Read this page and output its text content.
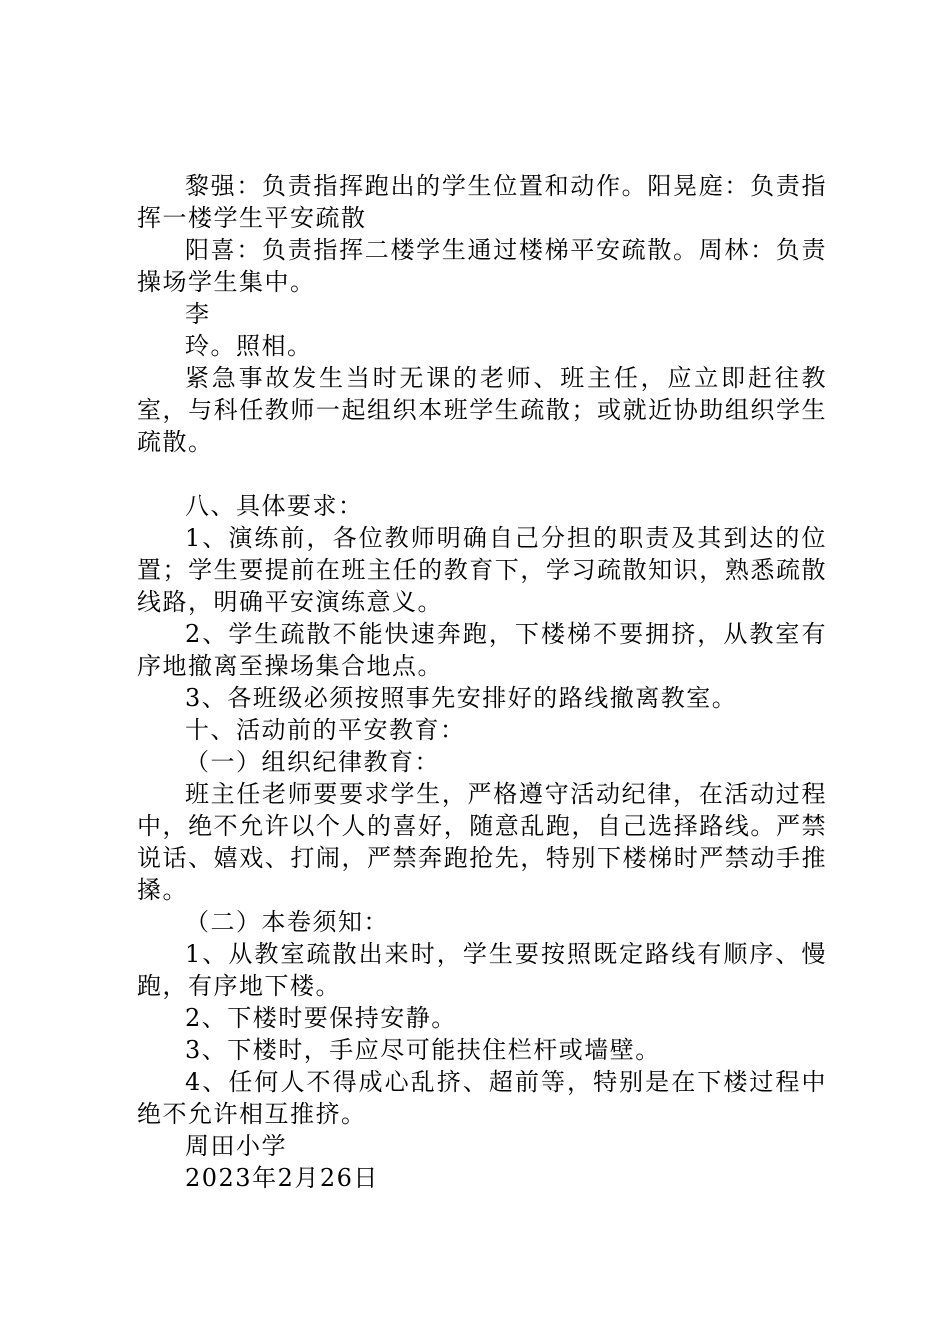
黎强：负责指挥跑出的学生位置和动作。阳晃庭：负责指挥一楼学生平安疏散

阳喜：负责指挥二楼学生通过楼梯平安疏散。周林：负责操场学生集中。

李

玲。照相。

紧急事故发生当时无课的老师、班主任，应立即赶往教室，与科任教师一起组织本班学生疏散；或就近协助组织学生疏散。

八、具体要求：

1、演练前，各位教师明确自己分担的职责及其到达的位置；学生要提前在班主任的教育下，学习疏散知识，熟悉疏散线路，明确平安演练意义。

2、学生疏散不能快速奔跑，下楼梯不要拥挤，从教室有序地撤离至操场集合地点。

3、各班级必须按照事先安排好的路线撤离教室。

十、活动前的平安教育：

（一）组织纪律教育：

班主任老师要要求学生，严格遵守活动纪律，在活动过程中，绝不允许以个人的喜好，随意乱跑，自己选择路线。严禁说话、嬉戏、打闹，严禁奔跑抢先，特别下楼梯时严禁动手推搡。

（二）本卷须知：

1、从教室疏散出来时，学生要按照既定路线有顺序、慢跑，有序地下楼。

2、下楼时要保持安静。

3、下楼时，手应尽可能扶住栏杆或墙壁。

4、任何人不得成心乱挤、超前等，特别是在下楼过程中绝不允许相互推挤。

周田小学

2023年2月26日
